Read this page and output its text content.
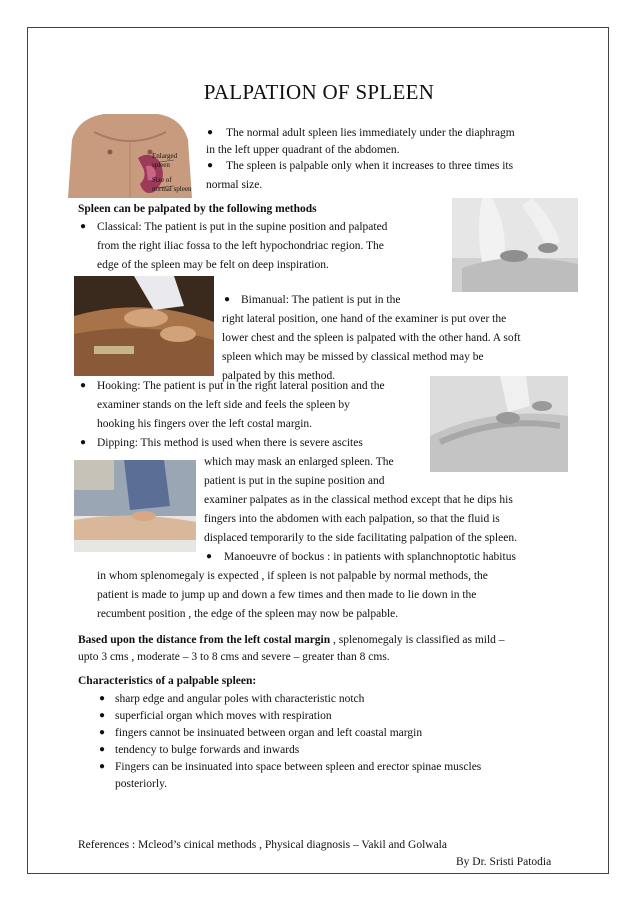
PALPATION OF SPLEEN
Enlarged spleen
Size of normal spleen
● The normal adult spleen lies immediately under the diaphragm
in the left upper quadrant of the abdomen.
● The spleen is palpable only when it increases to three times its
normal size.
Spleen can be palpated by the following methods
● Classical: The patient is put in the supine position and palpated
from the right iliac fossa to the left hypochondriac region. The
edge of the spleen may be felt on deep inspiration.
● Bimanual: The patient is put in the
right lateral position, one hand of the examiner is put over the
lower chest and the spleen is palpated with the other hand. A soft
spleen which may be missed by classical method may be
palpated by this method.
● Hooking: The patient is put in the right lateral position and the
examiner stands on the left side and feels the spleen by
hooking his fingers over the left costal margin.
● Dipping: This method is used when there is severe ascites
which may mask an enlarged spleen. The
patient is put in the supine position and
examiner palpates as in the classical method except that he dips his
fingers into the abdomen with each palpation, so that the fluid is
displaced temporarily to the side facilitating palpation of the spleen.
● Manoeuvre of bockus : in patients with splanchnoptotic habitus
in whom splenomegaly is expected , if spleen is not palpable by normal methods, the
patient is made to jump up and down a few times and then made to lie down in the
recumbent position , the edge of the spleen may now be palpable.
Based upon the distance from the left costal margin , splenomegaly is classified as mild –
upto 3 cms , moderate – 3 to 8 cms and severe – greater than 8 cms.
Characteristics of a palpable spleen:
● sharp edge and angular poles with characteristic notch
● superficial organ which moves with respiration
● fingers cannot be insinuated between organ and left coastal margin
● tendency to bulge forwards and inwards
● Fingers can be insinuated into space between spleen and erector spinae muscles
posteriorly.
References : Mcleod’s cinical methods , Physical diagnosis – Vakil and Golwala
By Dr. Sristi Patodia
